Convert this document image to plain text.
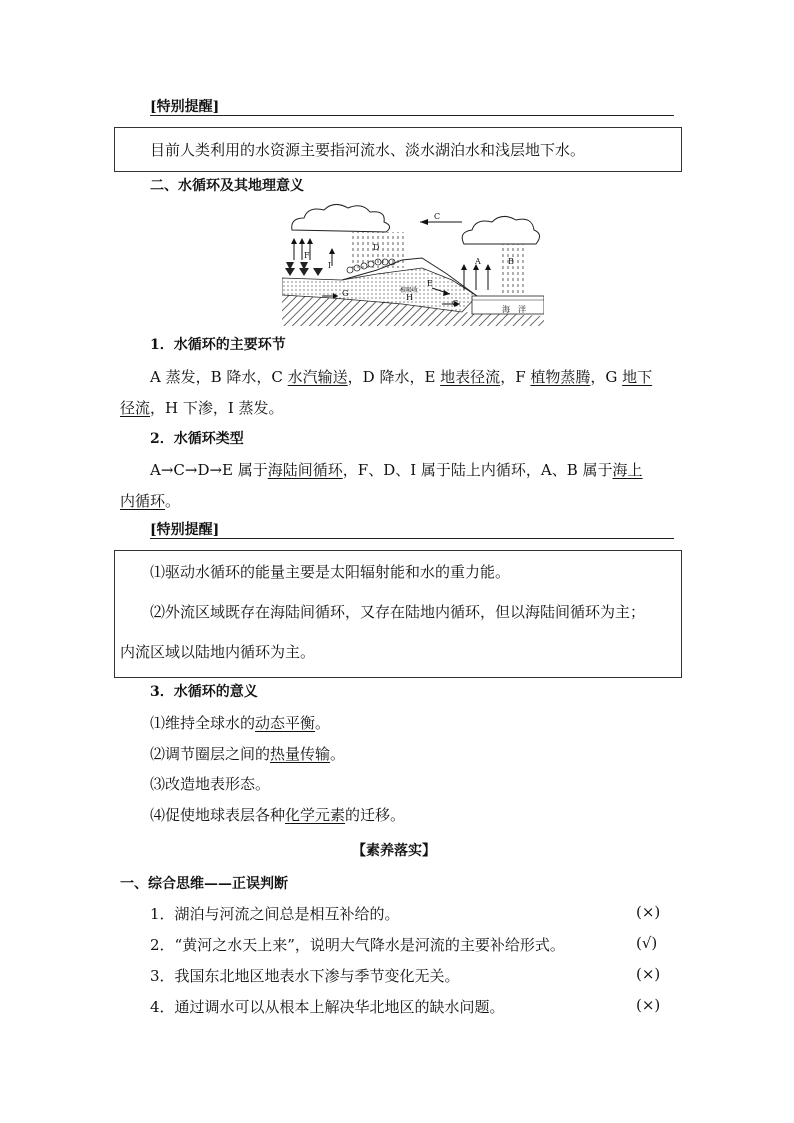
[特别提醒]
目前人类利用的水资源主要指河流水、淡水湖泊水和浅层地下水。
二、水循环及其地理意义
C
A	B
D
E
F
G
G
H
I
根吸收
海　洋
1．水循环的主要环节
A 蒸发，B 降水，C 水汽输送，D 降水，E 地表径流，F 植物蒸腾，G 地下
径流，H 下渗，I 蒸发。
2．水循环类型
A→C→D→E 属于海陆间循环，F、D、I 属于陆上内循环，A、B 属于海上
内循环。
[特别提醒]
⑴驱动水循环的能量主要是太阳辐射能和水的重力能。
⑵外流区域既存在海陆间循环，又存在陆地内循环，但以海陆间循环为主；
内流区域以陆地内循环为主。
3．水循环的意义
⑴维持全球水的动态平衡。
⑵调节圈层之间的热量传输。
⑶改造地表形态。
⑷促使地球表层各种化学元素的迁移。
【素养落实】
一、综合思维——正误判断
1．湖泊与河流之间总是相互补给的。	(×)
2．“黄河之水天上来”，说明大气降水是河流的主要补给形式。	(√)
3．我国东北地区地表水下渗与季节变化无关。	(×)
4．通过调水可以从根本上解决华北地区的缺水问题。	(×)
